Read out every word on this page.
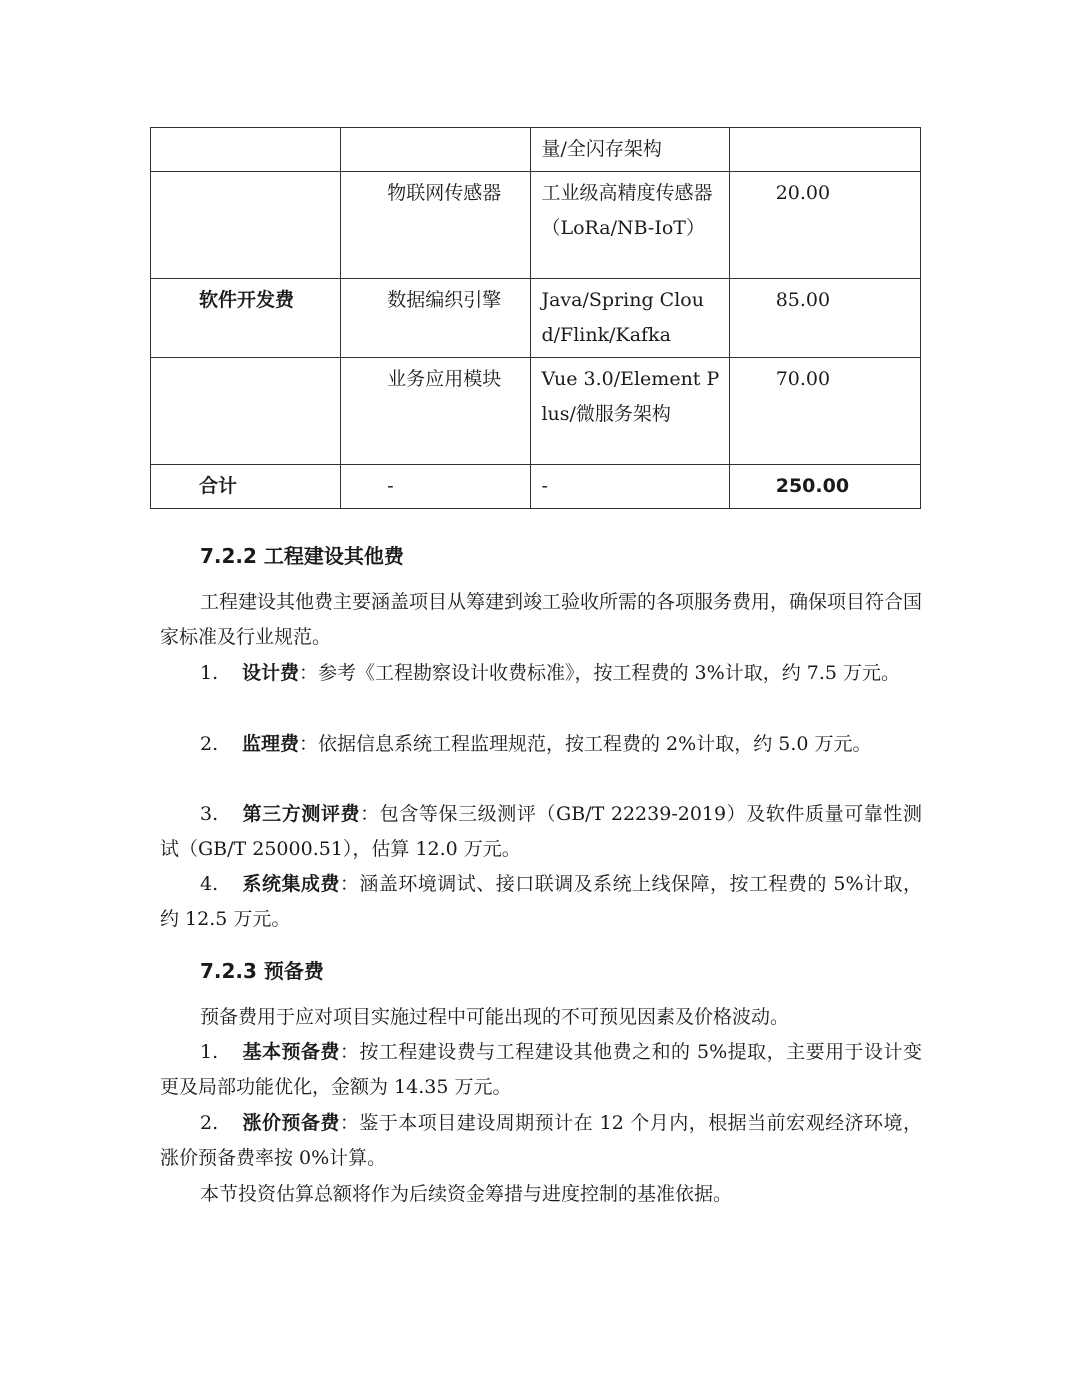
		量/全闪存架构	

	物联网传感器	工业级高精度传感器（LoRa/NB-IoT）	20.00

软件开发费	数据编织引擎	Java/Spring Cloud/Flink/Kafka	85.00

	业务应用模块	Vue 3.0/Element Plus/微服务架构	70.00

合计	-	-	250.00
7.2.2 工程建设其他费
工程建设其他费主要涵盖项目从筹建到竣工验收所需的各项服务费用，确保项目符合国家标准及行业规范。
1. 设计费：参考《工程勘察设计收费标准》，按工程费的 3%计取，约 7.5 万元。
2. 监理费：依据信息系统工程监理规范，按工程费的 2%计取，约 5.0 万元。
3. 第三方测评费：包含等保三级测评（GB/T 22239-2019）及软件质量可靠性测试（GB/T 25000.51），估算 12.0 万元。
4. 系统集成费：涵盖环境调试、接口联调及系统上线保障，按工程费的 5%计取，约 12.5 万元。
7.2.3 预备费
预备费用于应对项目实施过程中可能出现的不可预见因素及价格波动。
1. 基本预备费：按工程建设费与工程建设其他费之和的 5%提取，主要用于设计变更及局部功能优化，金额为 14.35 万元。
2. 涨价预备费：鉴于本项目建设周期预计在 12 个月内，根据当前宏观经济环境，涨价预备费率按 0%计算。
本节投资估算总额将作为后续资金筹措与进度控制的基准依据。
